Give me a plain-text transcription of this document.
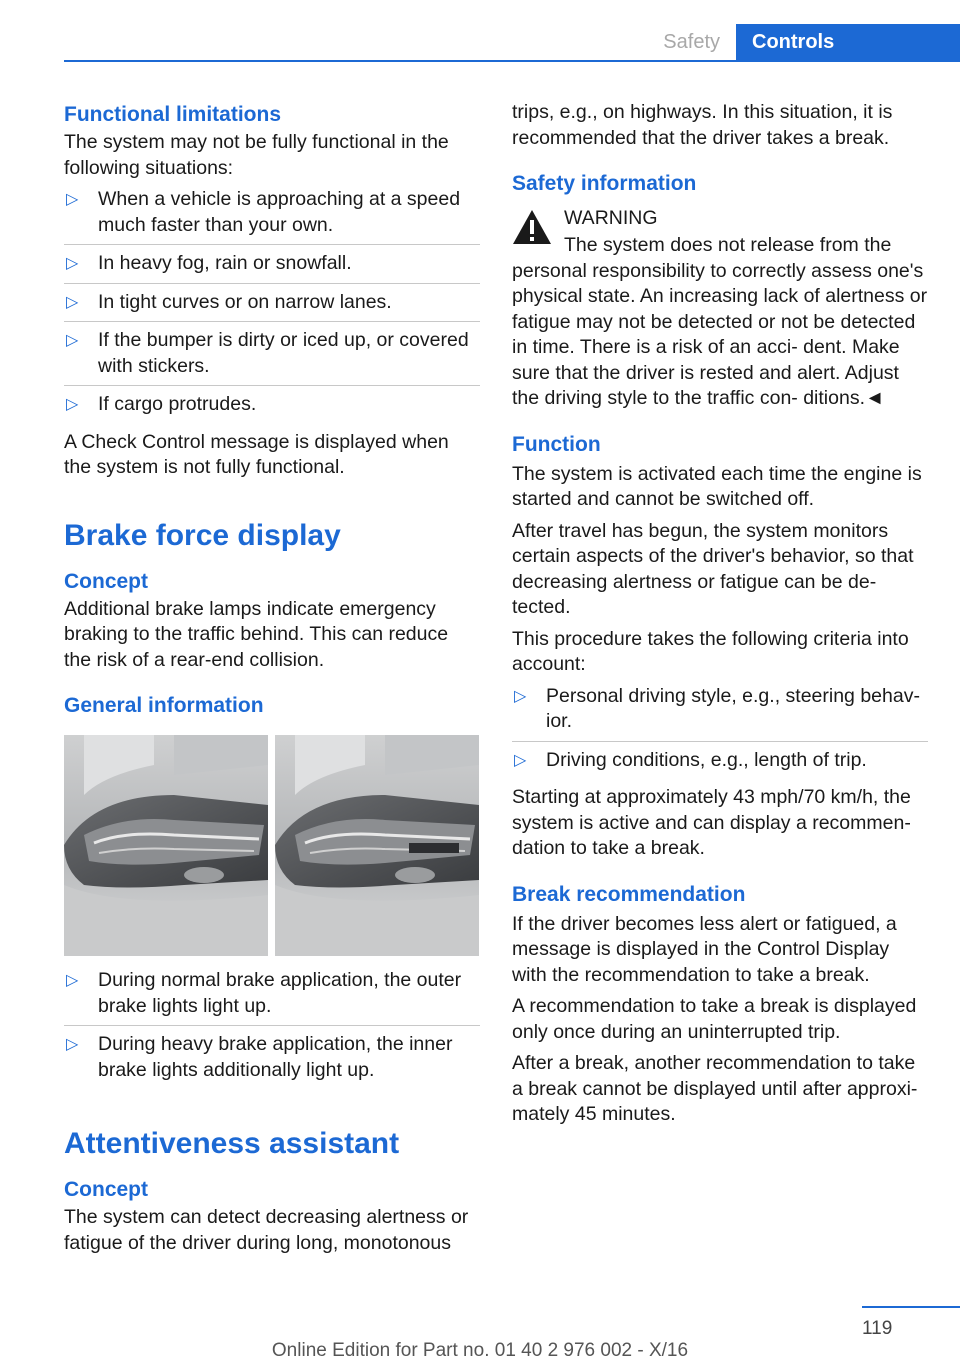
Safety	Controls
Functional limitations

The system may not be fully functional in the following situations:

▷ When a vehicle is approaching at a speed much faster than your own.
▷ In heavy fog, rain or snowfall.
▷ In tight curves or on narrow lanes.
▷ If the bumper is dirty or iced up, or covered with stickers.
▷ If cargo protrudes.

A Check Control message is displayed when the system is not fully functional.

Brake force display
Concept

Additional brake lamps indicate emergency braking to the traffic behind. This can reduce the risk of a rear-end collision.

General information
▷ During normal brake application, the outer brake lights light up.
▷ During heavy brake application, the inner brake lights additionally light up.
Attentiveness assistant
Concept

The system can detect decreasing alertness or fatigue of the driver during long, monotonous

trips, e.g., on highways. In this situation, it is recommended that the driver takes a break.

Safety information
WARNING

The system does not release from the personal responsibility to correctly assess one's physical state. An increasing lack of alertness or fatigue may not be detected or not be detected in time. There is a risk of an acci- dent. Make sure that the driver is rested and alert. Adjust the driving style to the traffic con- ditions.◄

Function

The system is activated each time the engine is started and cannot be switched off.

After travel has begun, the system monitors certain aspects of the driver's behavior, so that decreasing alertness or fatigue can be de- tected.

This procedure takes the following criteria into account:

▷ Personal driving style, e.g., steering behav- ior.
▷ Driving conditions, e.g., length of trip.

Starting at approximately 43 mph/70 km/h, the system is active and can display a recommen- dation to take a break.

Break recommendation

If the driver becomes less alert or fatigued, a message is displayed in the Control Display with the recommendation to take a break.

A recommendation to take a break is displayed only once during an uninterrupted trip.

After a break, another recommendation to take a break cannot be displayed until after approxi- mately 45 minutes.

119
Online Edition for Part no. 01 40 2 976 002 - X/16
